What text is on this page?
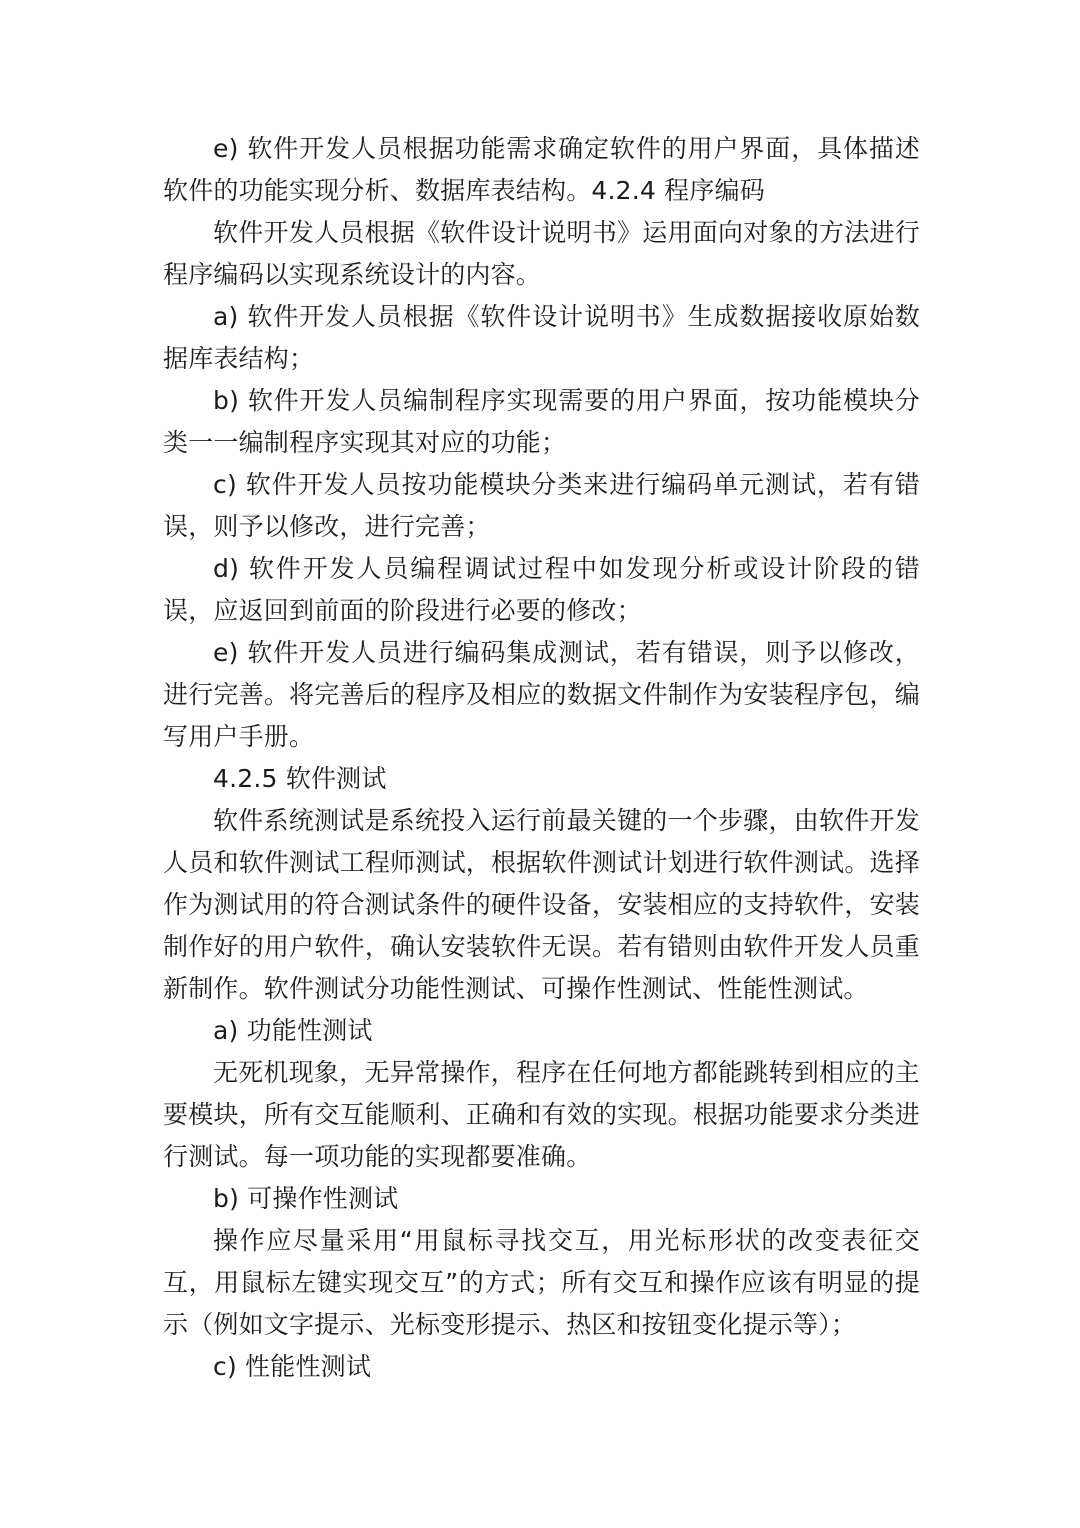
e) 软件开发人员根据功能需求确定软件的用户界面，具体描述软件的功能实现分析、数据库表结构。4.2.4 程序编码

软件开发人员根据《软件设计说明书》运用面向对象的方法进行程序编码以实现系统设计的内容。

a) 软件开发人员根据《软件设计说明书》生成数据接收原始数据库表结构；

b) 软件开发人员编制程序实现需要的用户界面，按功能模块分类一一编制程序实现其对应的功能；

c) 软件开发人员按功能模块分类来进行编码单元测试，若有错误，则予以修改，进行完善；

d) 软件开发人员编程调试过程中如发现分析或设计阶段的错误，应返回到前面的阶段进行必要的修改；

e) 软件开发人员进行编码集成测试，若有错误，则予以修改，进行完善。将完善后的程序及相应的数据文件制作为安装程序包，编写用户手册。

4.2.5 软件测试

软件系统测试是系统投入运行前最关键的一个步骤，由软件开发人员和软件测试工程师测试，根据软件测试计划进行软件测试。选择作为测试用的符合测试条件的硬件设备，安装相应的支持软件，安装制作好的用户软件，确认安装软件无误。若有错则由软件开发人员重新制作。软件测试分功能性测试、可操作性测试、性能性测试。

a) 功能性测试

无死机现象，无异常操作，程序在任何地方都能跳转到相应的主要模块，所有交互能顺利、正确和有效的实现。根据功能要求分类进行测试。每一项功能的实现都要准确。

b) 可操作性测试

操作应尽量采用“用鼠标寻找交互，用光标形状的改变表征交互，用鼠标左键实现交互”的方式；所有交互和操作应该有明显的提示（例如文字提示、光标变形提示、热区和按钮变化提示等）；

c) 性能性测试
